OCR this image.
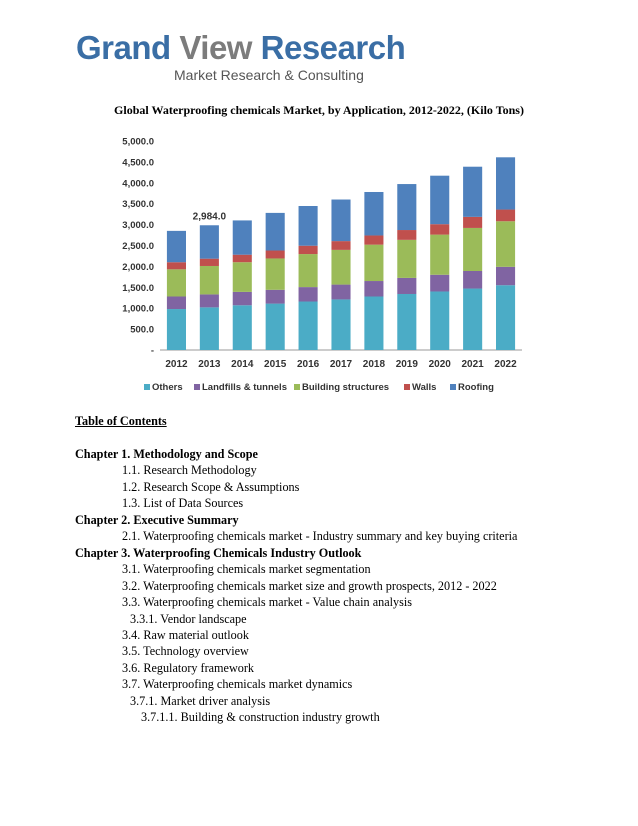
Grand View Research
Market Research & Consulting
Global Waterproofing chemicals Market, by Application, 2012-2022, (Kilo Tons)
-
500.0
1,000.0
1,500.0
2,000.0
2,500.0
3,000.0
3,500.0
4,000.0
4,500.0
5,000.0
2012 2013 2014 2015 2016 2017 2018 2019 2020 2021 2022
2,984.0
Others Landfills & tunnels Building structures Walls Roofing
Table of Contents
Chapter 1. Methodology and Scope
1.1. Research Methodology
1.2. Research Scope & Assumptions
1.3. List of Data Sources
Chapter 2. Executive Summary
2.1. Waterproofing chemicals market - Industry summary and key buying criteria
Chapter 3. Waterproofing Chemicals Industry Outlook
3.1. Waterproofing chemicals market segmentation
3.2. Waterproofing chemicals market size and growth prospects, 2012 - 2022
3.3. Waterproofing chemicals market - Value chain analysis
3.3.1. Vendor landscape
3.4. Raw material outlook
3.5. Technology overview
3.6. Regulatory framework
3.7. Waterproofing chemicals market dynamics
3.7.1. Market driver analysis
3.7.1.1. Building & construction industry growth
